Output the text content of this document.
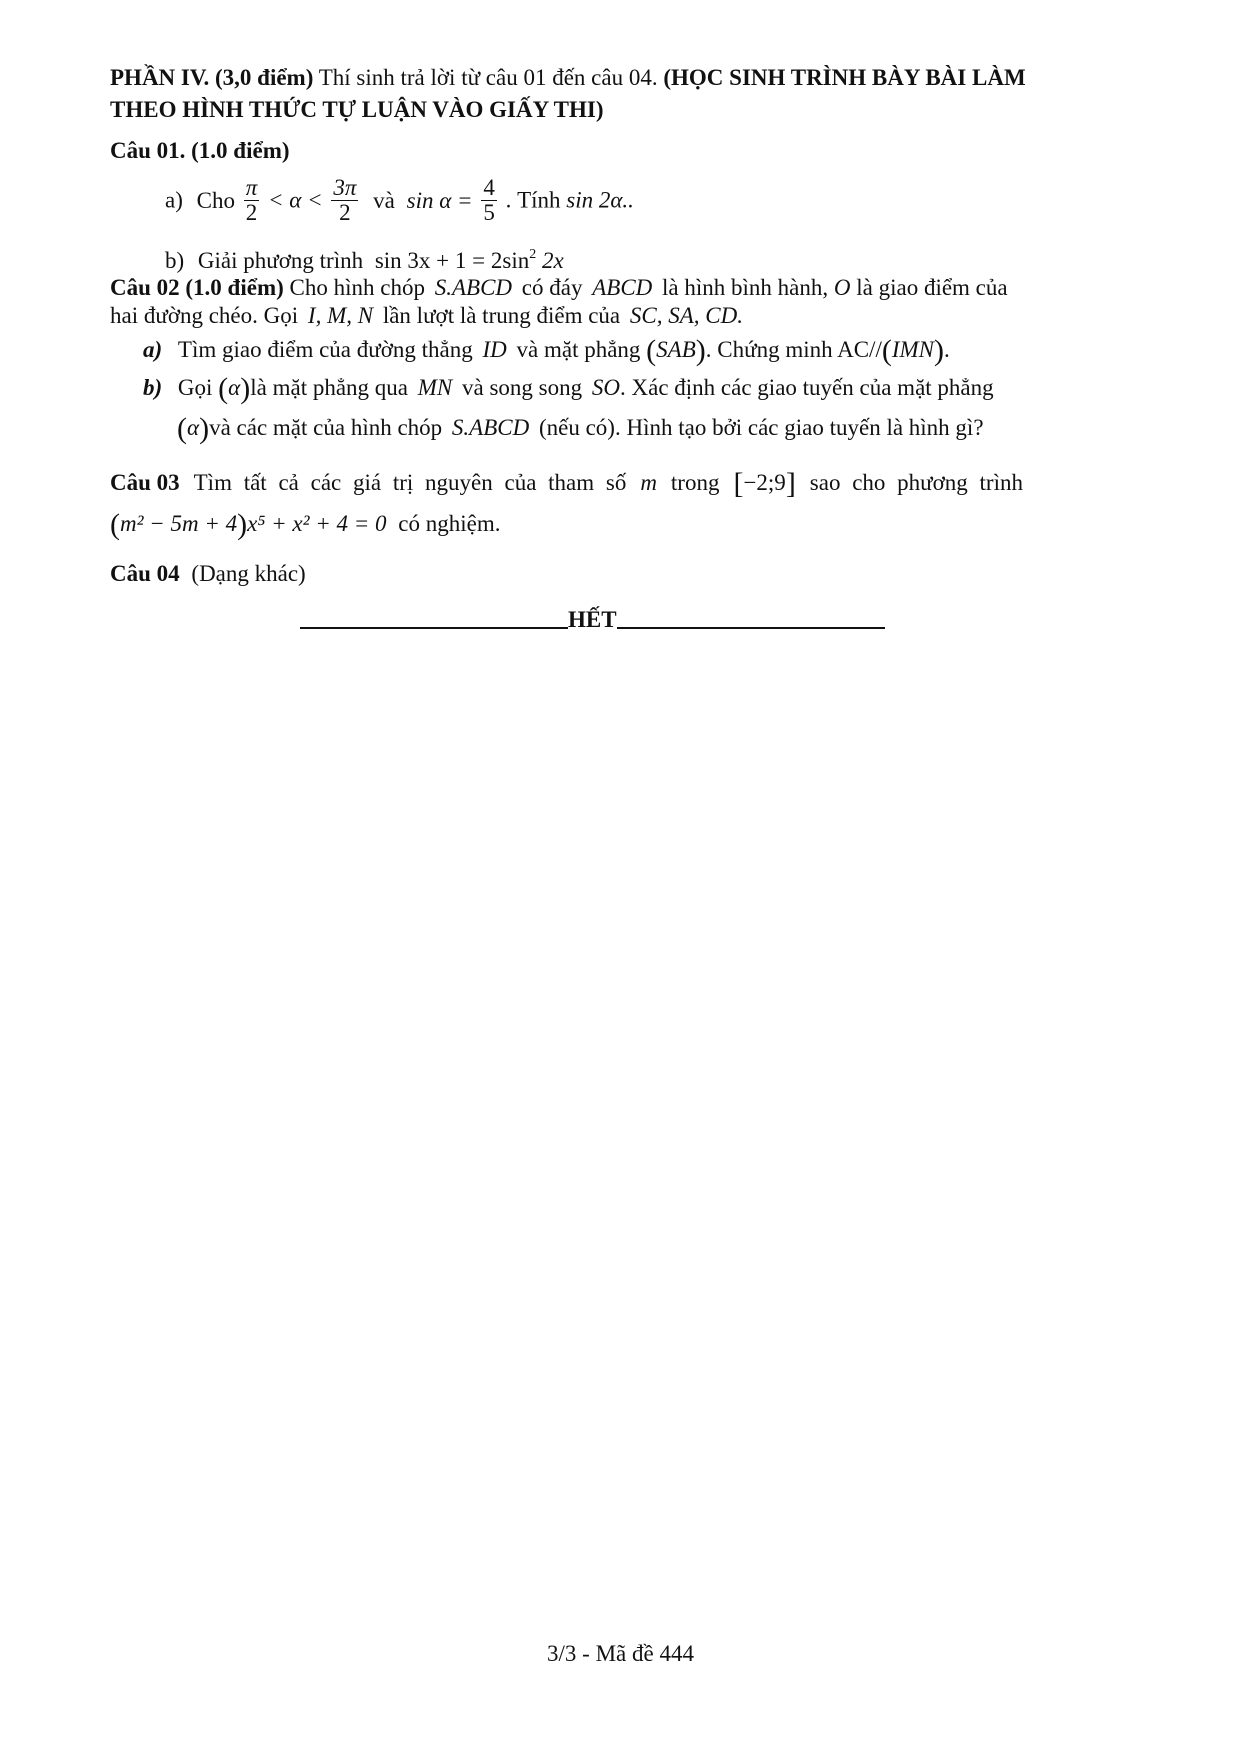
PHẦN IV. (3,0 điểm) Thí sinh trả lời từ câu 01 đến câu 04. (HỌC SINH TRÌNH BÀY BÀI LÀM
THEO HÌNH THỨC TỰ LUẬN VÀO GIẤY THI)
Câu 01. (1.0 điểm)
a) Cho $\frac{\pi}{2} < \alpha < \frac{3\pi}{2}$ và $\sin \alpha = \frac{4}{5}$ . Tính sin 2α..
b) Giải phương trình $\sin 3x + 1 = 2\sin^2$ 2x
Câu 02 (1.0 điểm) Cho hình chóp S.ABCD có đáy ABCD là hình bình hành, O là giao điểm của
hai đường chéo. Gọi I, M, N lần lượt là trung điểm của SC, SA, CD.
a) Tìm giao điểm của đường thẳng ID và mặt phẳng (SAB). Chứng minh AC//(IMN).
b) Gọi (α)là mặt phẳng qua MN và song song SO. Xác định các giao tuyến của mặt phẳng
(α)và các mặt của hình chóp S.ABCD (nếu có). Hình tạo bởi các giao tuyến là hình gì?
Câu 03 Tìm tất cả các giá trị nguyên của tham số m trong [−2;9] sao cho phương trình
(m² − 5m + 4)x⁵ + x² + 4 = 0 có nghiệm.
Câu 04 (Dạng khác)
HẾT
3/3 - Mã đề 444
